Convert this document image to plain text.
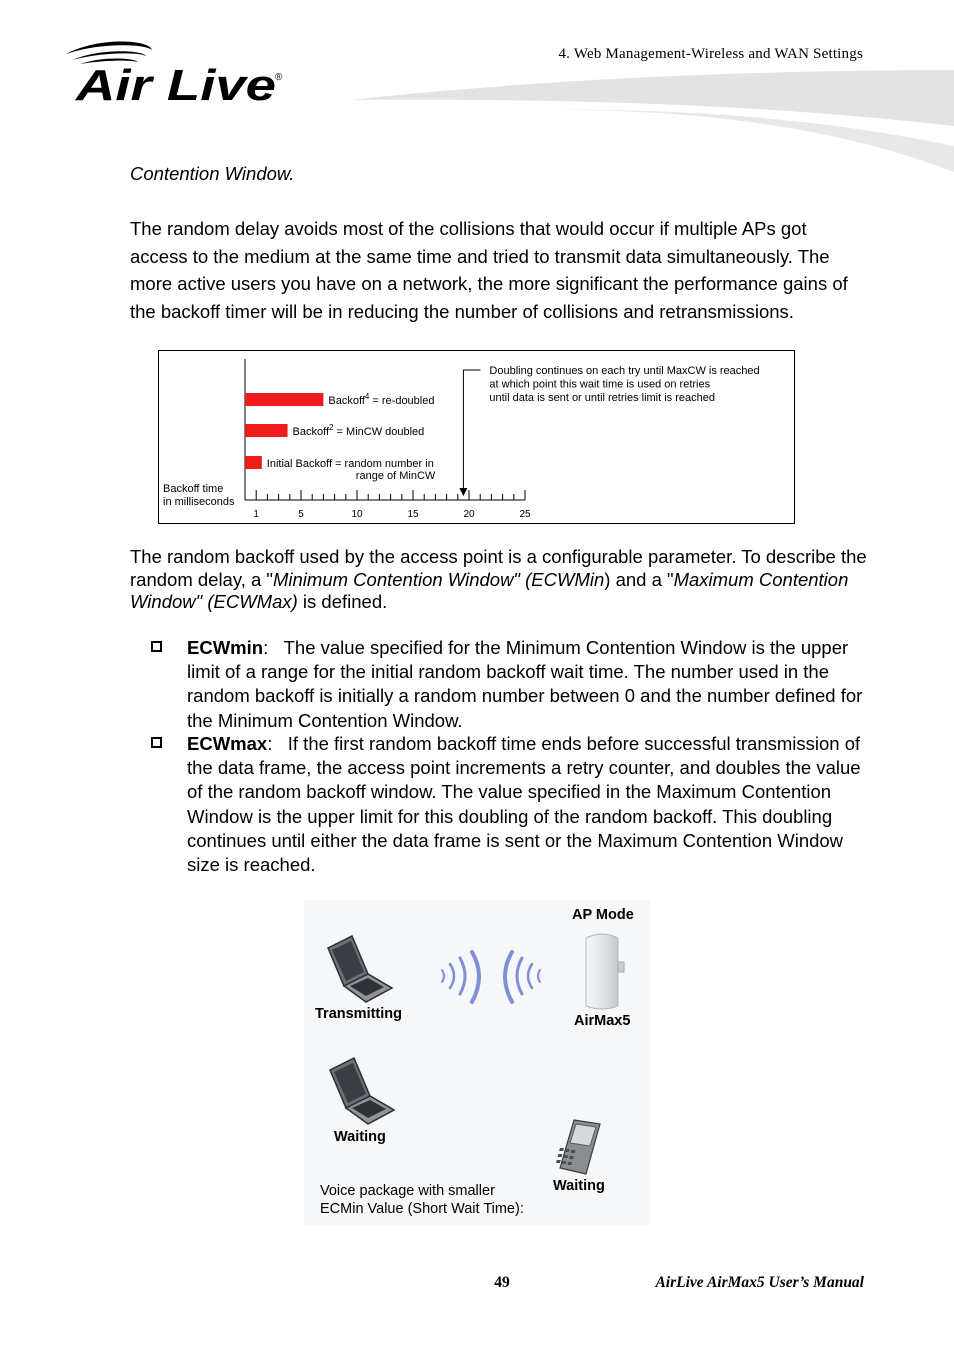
Air Live ®
4. Web Management-Wireless and WAN Settings
Contention Window.
The random delay avoids most of the collisions that would occur if multiple APs got access to the medium at the same time and tried to transmit data simultaneously. The more active users you have on a network, the more significant the performance gains of the backoff timer will be in reducing the number of collisions and retransmissions.
1	5	10	15	20	25
Backoff time
in milliseconds
Initial Backoff = random number in
range of MinCW
Backoff$^2$ = MinCW doubled
Backoff$^4$ = re-doubled
Doubling continues on each try until MaxCW is reached
at which point this wait time is used on retries
until data is sent or until retries limit is reached
The random backoff used by the access point is a configurable parameter. To describe the random delay, a "Minimum Contention Window" (ECWMin) and a "Maximum Contention Window" (ECWMax) is defined.
ECWmin:   The value specified for the Minimum Contention Window is the upper limit of a range for the initial random backoff wait time. The number used in the random backoff is initially a random number between 0 and the number defined for the Minimum Contention Window.
ECWmax:   If the first random backoff time ends before successful transmission of the data frame, the access point increments a retry counter, and doubles the value of the random backoff window. The value specified in the Maximum Contention Window is the upper limit for this doubling of the random backoff. This doubling continues until either the data frame is sent or the Maximum Contention Window size is reached.
AP Mode
Transmitting	AirMax5
Waiting
Waiting
Voice package with smaller
ECMin Value (Short Wait Time):
49	AirLive AirMax5 User’s Manual
